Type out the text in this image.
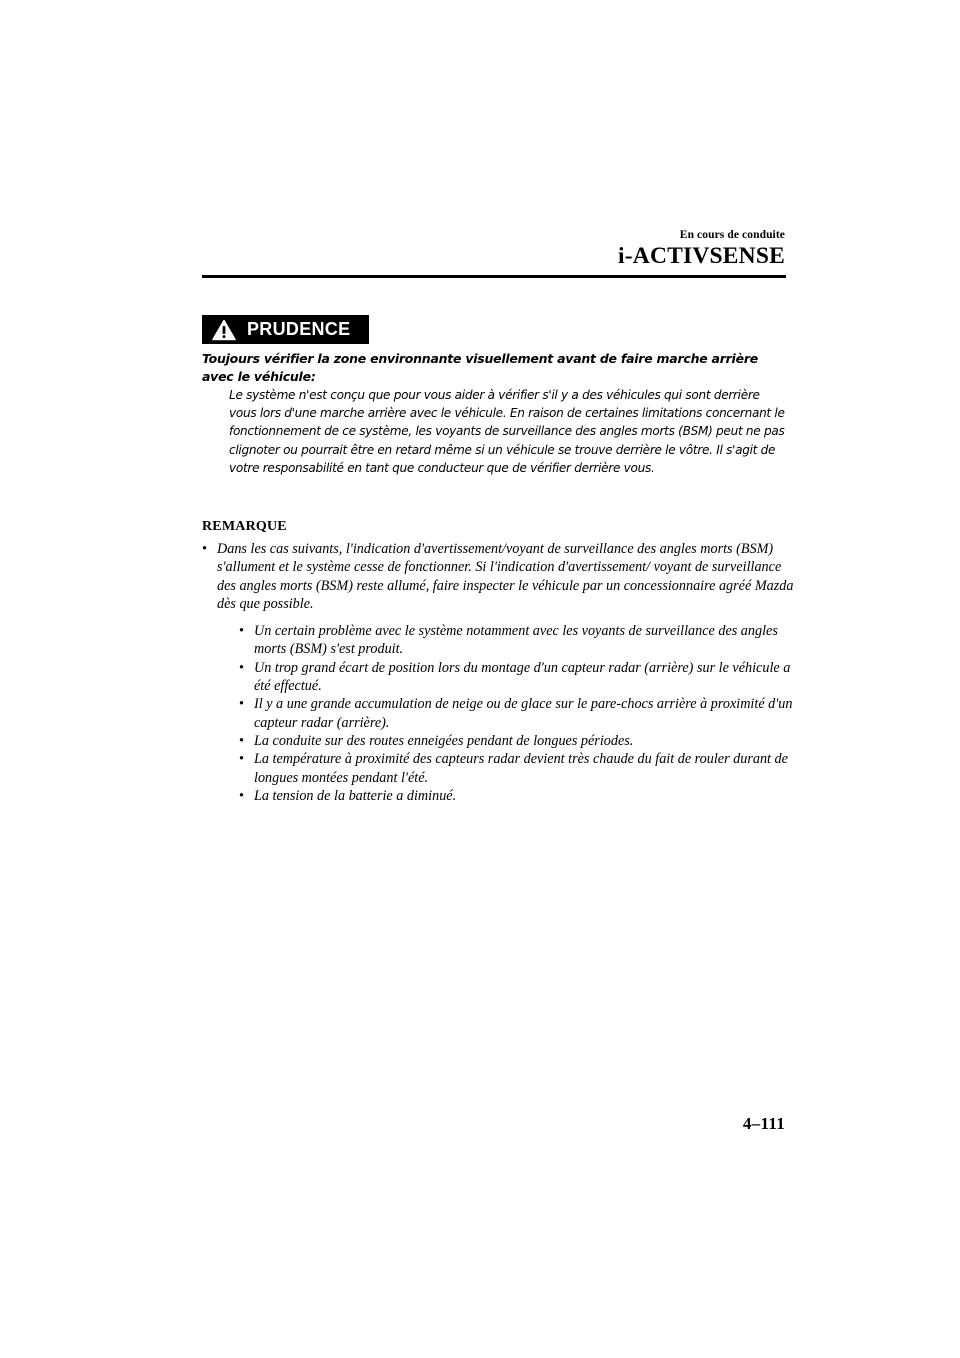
En cours de conduite
i-ACTIVSENSE
PRUDENCE
Toujours vérifier la zone environnante visuellement avant de faire marche arrière avec le véhicule:
Le système n'est conçu que pour vous aider à vérifier s'il y a des véhicules qui sont derrière vous lors d'une marche arrière avec le véhicule. En raison de certaines limitations concernant le fonctionnement de ce système, les voyants de surveillance des angles morts (BSM) peut ne pas clignoter ou pourrait être en retard même si un véhicule se trouve derrière le vôtre. Il s'agit de votre responsabilité en tant que conducteur que de vérifier derrière vous.
REMARQUE
• Dans les cas suivants, l'indication d'avertissement/voyant de surveillance des angles morts (BSM) s'allument et le système cesse de fonctionner. Si l'indication d'avertissement/ voyant de surveillance des angles morts (BSM) reste allumé, faire inspecter le véhicule par un concessionnaire agréé Mazda dès que possible.
• Un certain problème avec le système notamment avec les voyants de surveillance des angles morts (BSM) s'est produit.
• Un trop grand écart de position lors du montage d'un capteur radar (arrière) sur le véhicule a été effectué.
• Il y a une grande accumulation de neige ou de glace sur le pare-chocs arrière à proximité d'un capteur radar (arrière).
• La conduite sur des routes enneigées pendant de longues périodes.
• La température à proximité des capteurs radar devient très chaude du fait de rouler durant de longues montées pendant l'été.
• La tension de la batterie a diminué.
4–111
